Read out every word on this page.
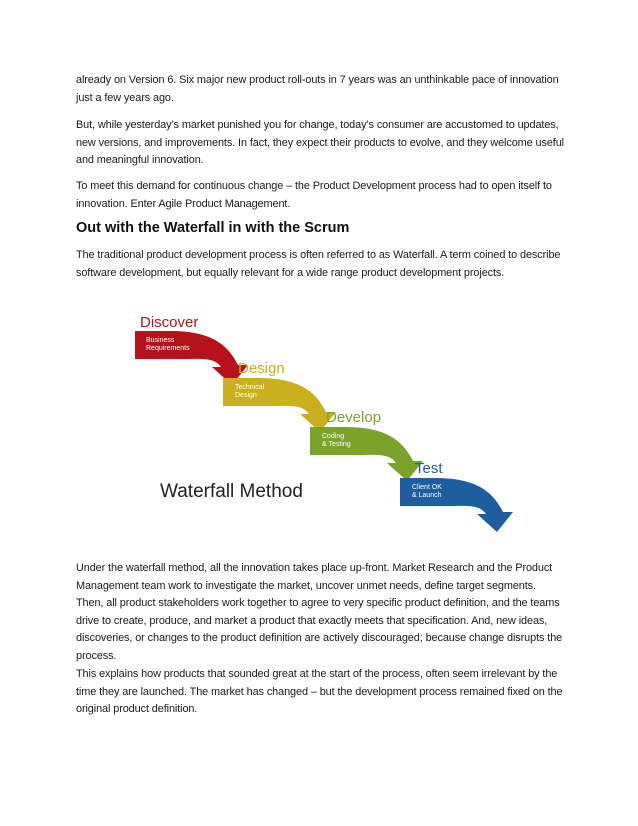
already on Version 6. Six major new product roll-outs in 7 years was an unthinkable pace of innovation just a few years ago.

But, while yesterday’s market punished you for change, today’s consumer are accustomed to updates, new versions, and improvements. In fact, they expect their products to evolve, and they welcome useful and meaningful innovation.

To meet this demand for continuous change – the Product Development process had to open itself to innovation. Enter Agile Product Management.

Out with the Waterfall in with the Scrum

The traditional product development process is often referred to as Waterfall. A term coined to describe software development, but equally relevant for a wide range product development projects.

Discover
Business
Requirements
Design
Technical
Design
Develop
Coding
& Testing
Test
Client OK
& Launch
Waterfall Method

Under the waterfall method, all the innovation takes place up-front. Market Research and the Product Management team work to investigate the market, uncover unmet needs, define target segments. Then, all product stakeholders work together to agree to very specific product definition, and the teams drive to create, produce, and market a product that exactly meets that specification. And, new ideas, discoveries, or changes to the product definition are actively discouraged; because change disrupts the process.

This explains how products that sounded great at the start of the process, often seem irrelevant by the time they are launched. The market has changed – but the development process remained fixed on the original product definition.
